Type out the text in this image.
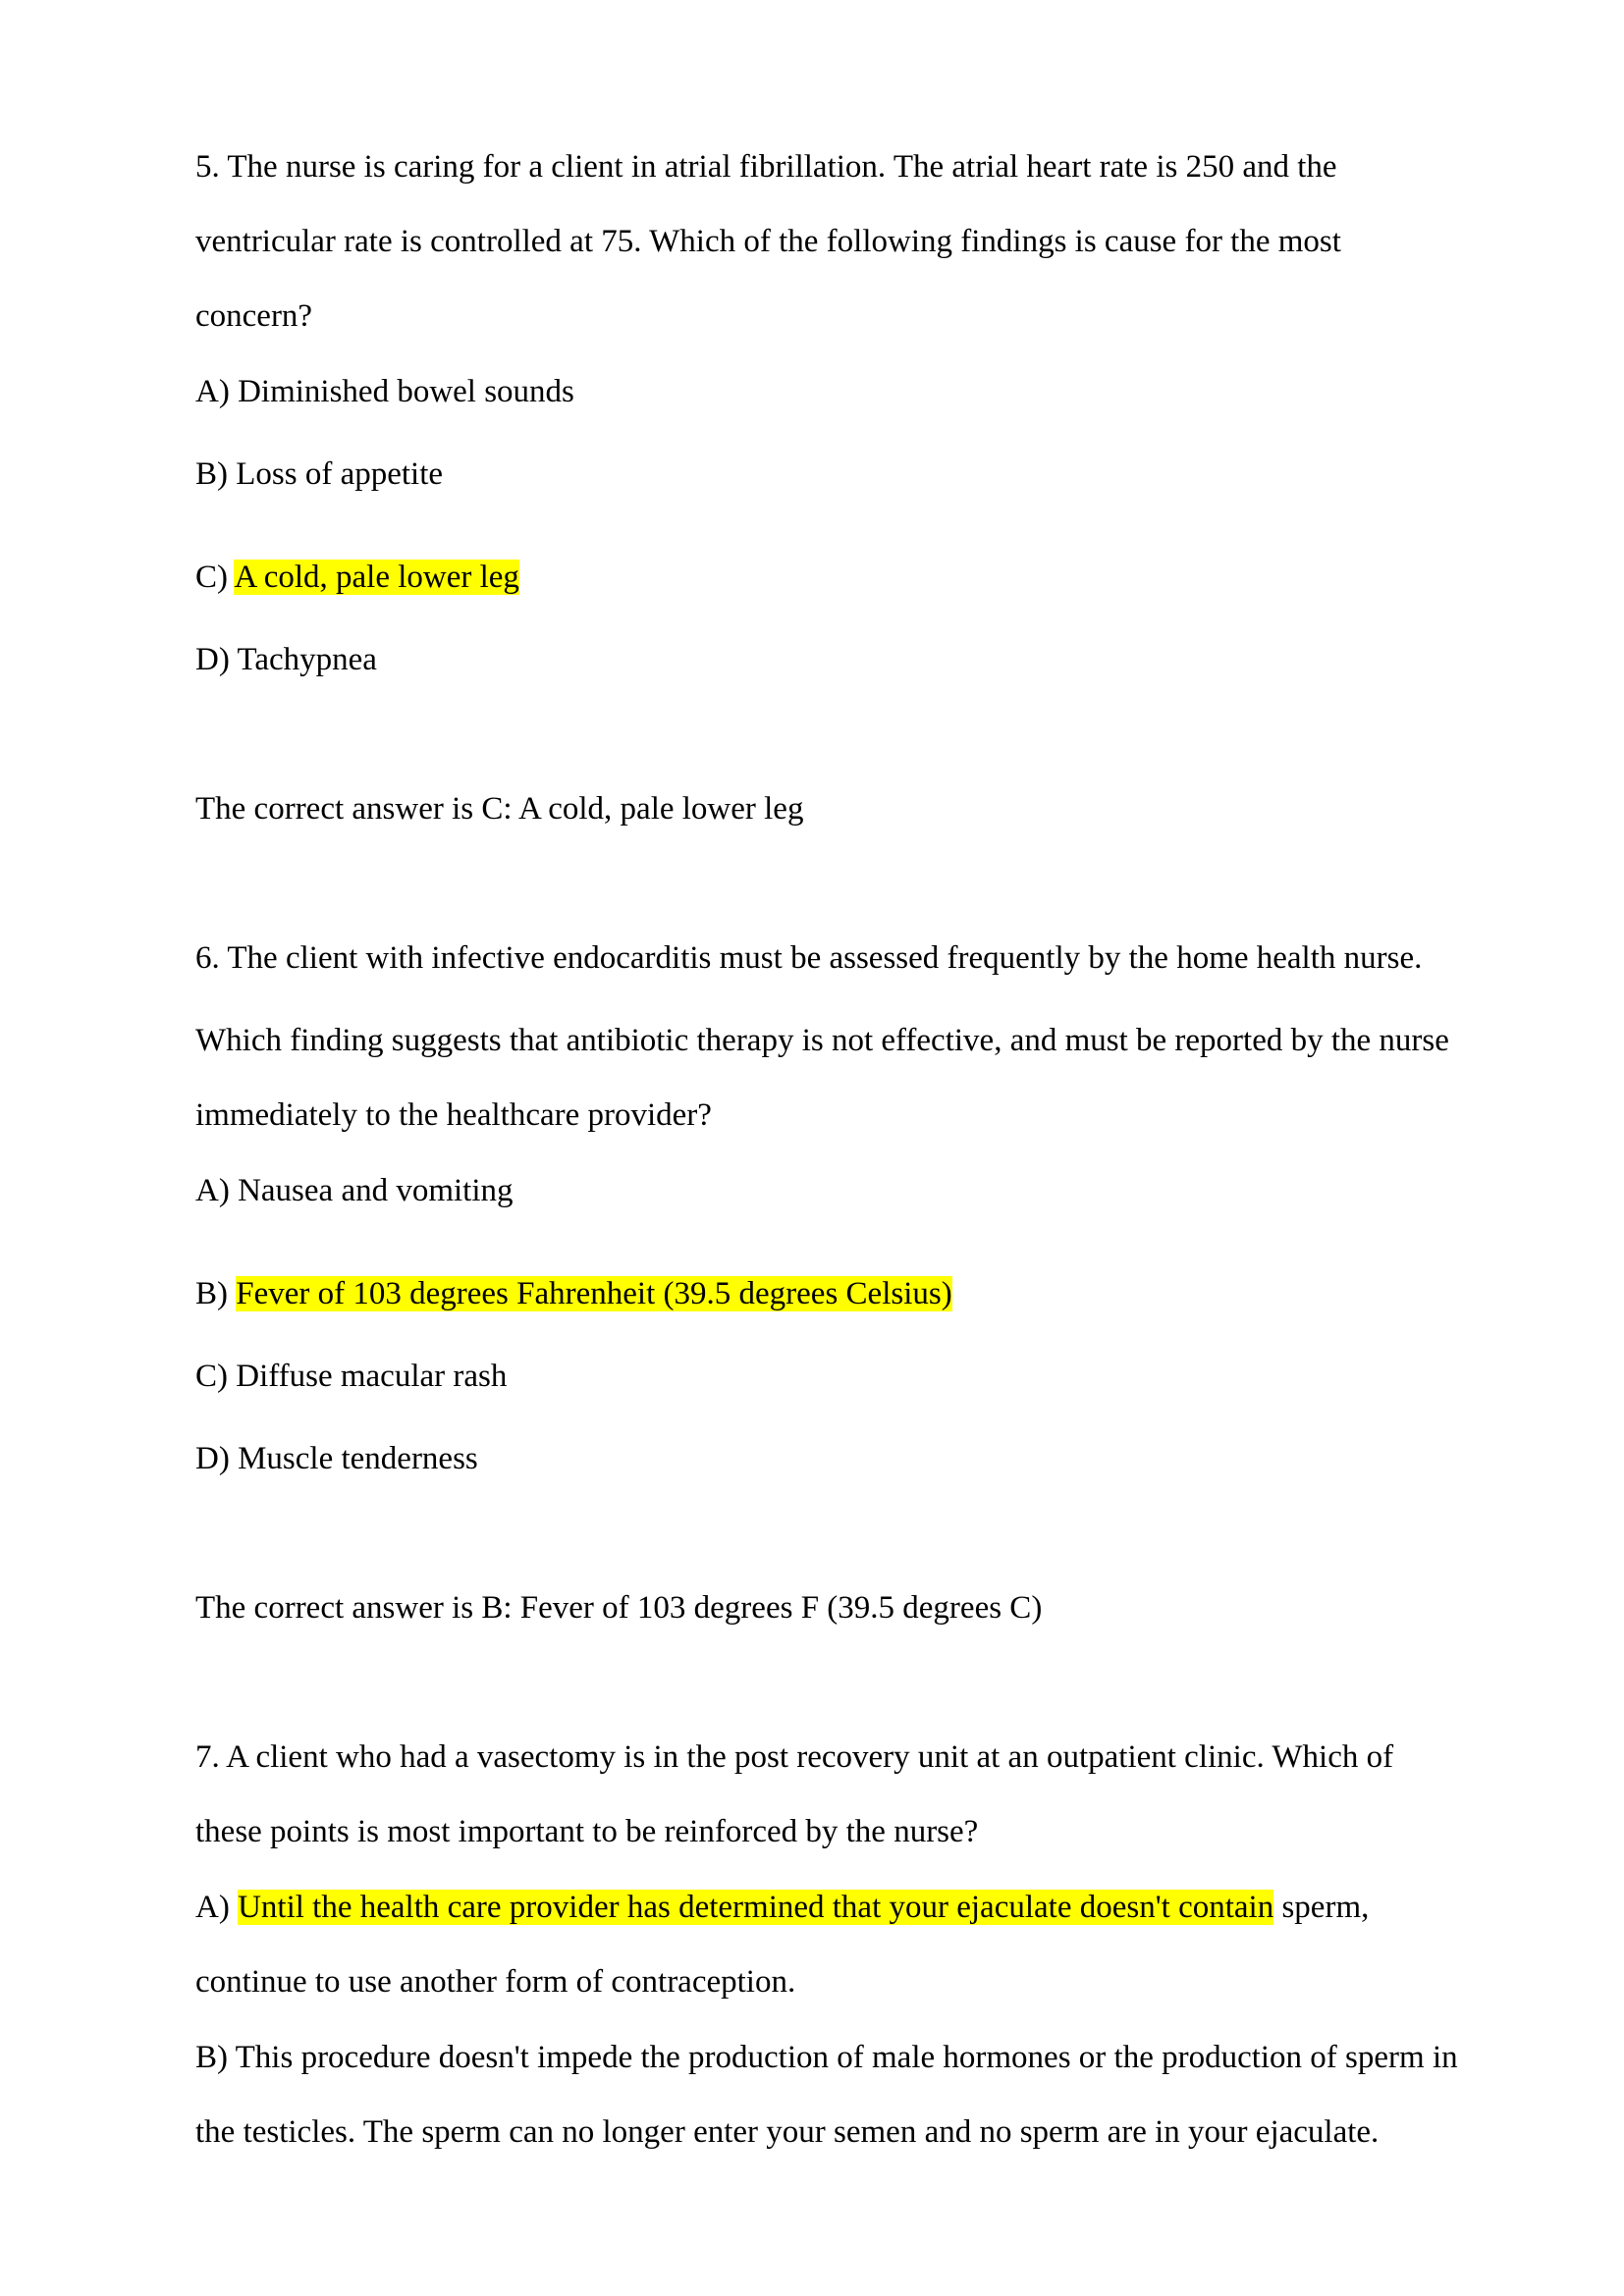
5. The nurse is caring for a client in atrial fibrillation. The atrial heart rate is 250 and the
ventricular rate is controlled at 75. Which of the following findings is cause for the most
concern?
A) Diminished bowel sounds
B) Loss of appetite
C) A cold, pale lower leg
D) Tachypnea
The correct answer is C: A cold, pale lower leg
6. The client with infective endocarditis must be assessed frequently by the home health nurse.
Which finding suggests that antibiotic therapy is not effective, and must be reported by the nurse
immediately to the healthcare provider?
A) Nausea and vomiting
B) Fever of 103 degrees Fahrenheit (39.5 degrees Celsius)
C) Diffuse macular rash
D) Muscle tenderness
The correct answer is B: Fever of 103 degrees F (39.5 degrees C)
7. A client who had a vasectomy is in the post recovery unit at an outpatient clinic. Which of
these points is most important to be reinforced by the nurse?
A) Until the health care provider has determined that your ejaculate doesn't contain sperm,
continue to use another form of contraception.
B) This procedure doesn't impede the production of male hormones or the production of sperm in
the testicles. The sperm can no longer enter your semen and no sperm are in your ejaculate.
